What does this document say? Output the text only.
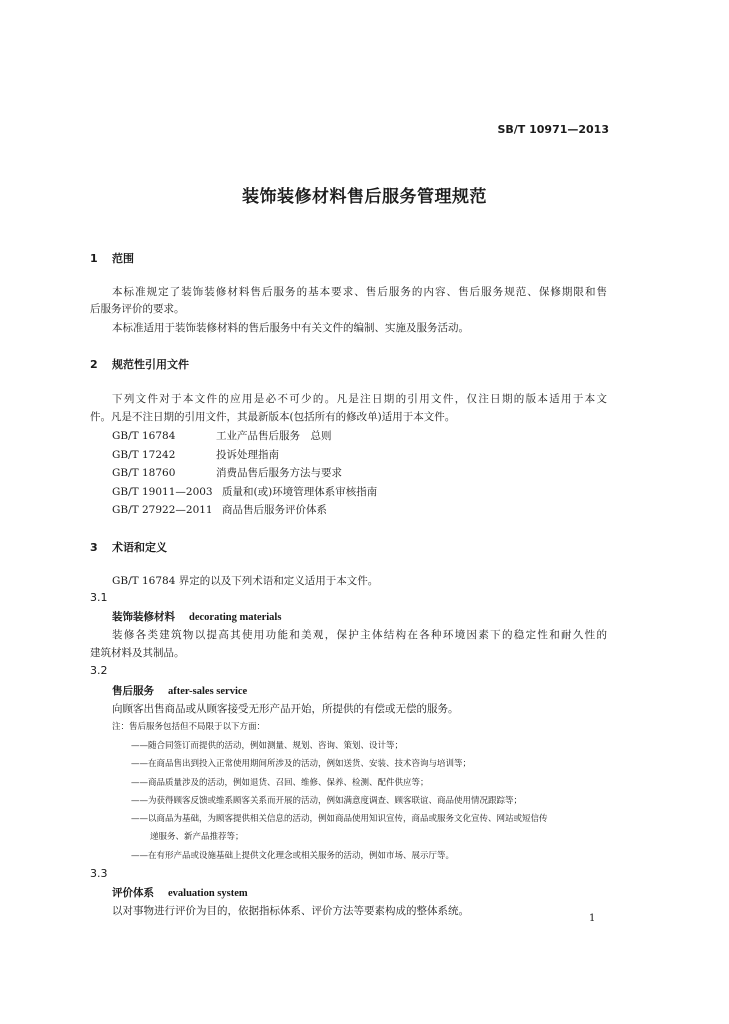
SB/T 10971—2013
装饰装修材料售后服务管理规范
1 范围
本标准规定了装饰装修材料售后服务的基本要求、售后服务的内容、售后服务规范、保修期限和售
后服务评价的要求。
本标准适用于装饰装修材料的售后服务中有关文件的编制、实施及服务活动。
2 规范性引用文件
下列文件对于本文件的应用是必不可少的。凡是注日期的引用文件，仅注日期的版本适用于本文
件。凡是不注日期的引用文件，其最新版本(包括所有的修改单)适用于本文件。
GB/T 16784	工业产品售后服务　总则
GB/T 17242	投诉处理指南
GB/T 18760	消费品售后服务方法与要求
GB/T 19011—2003 质量和(或)环境管理体系审核指南
GB/T 27922—2011 商品售后服务评价体系
3 术语和定义
GB/T 16784 界定的以及下列术语和定义适用于本文件。
3.1
装饰装修材料 decorating materials
装修各类建筑物以提高其使用功能和美观，保护主体结构在各种环境因素下的稳定性和耐久性的
建筑材料及其制品。
3.2
售后服务 after-sales service
向顾客出售商品或从顾客接受无形产品开始，所提供的有偿或无偿的服务。
注：售后服务包括但不局限于以下方面：
——随合同签订而提供的活动，例如测量、规划、咨询、策划、设计等；
——在商品售出到投入正常使用期间所涉及的活动，例如送货、安装、技术咨询与培训等；
——商品质量涉及的活动，例如退货、召回、维修、保养、检测、配件供应等；
——为获得顾客反馈或维系顾客关系而开展的活动，例如满意度调查、顾客联谊、商品使用情况跟踪等；
——以商品为基础，为顾客提供相关信息的活动，例如商品使用知识宣传，商品或服务文化宣传、网站或短信传
递服务、新产品推荐等；
——在有形产品或设施基础上提供文化理念或相关服务的活动，例如市场、展示厅等。
3.3
评价体系 evaluation system
以对事物进行评价为目的，依据指标体系、评价方法等要素构成的整体系统。
1
